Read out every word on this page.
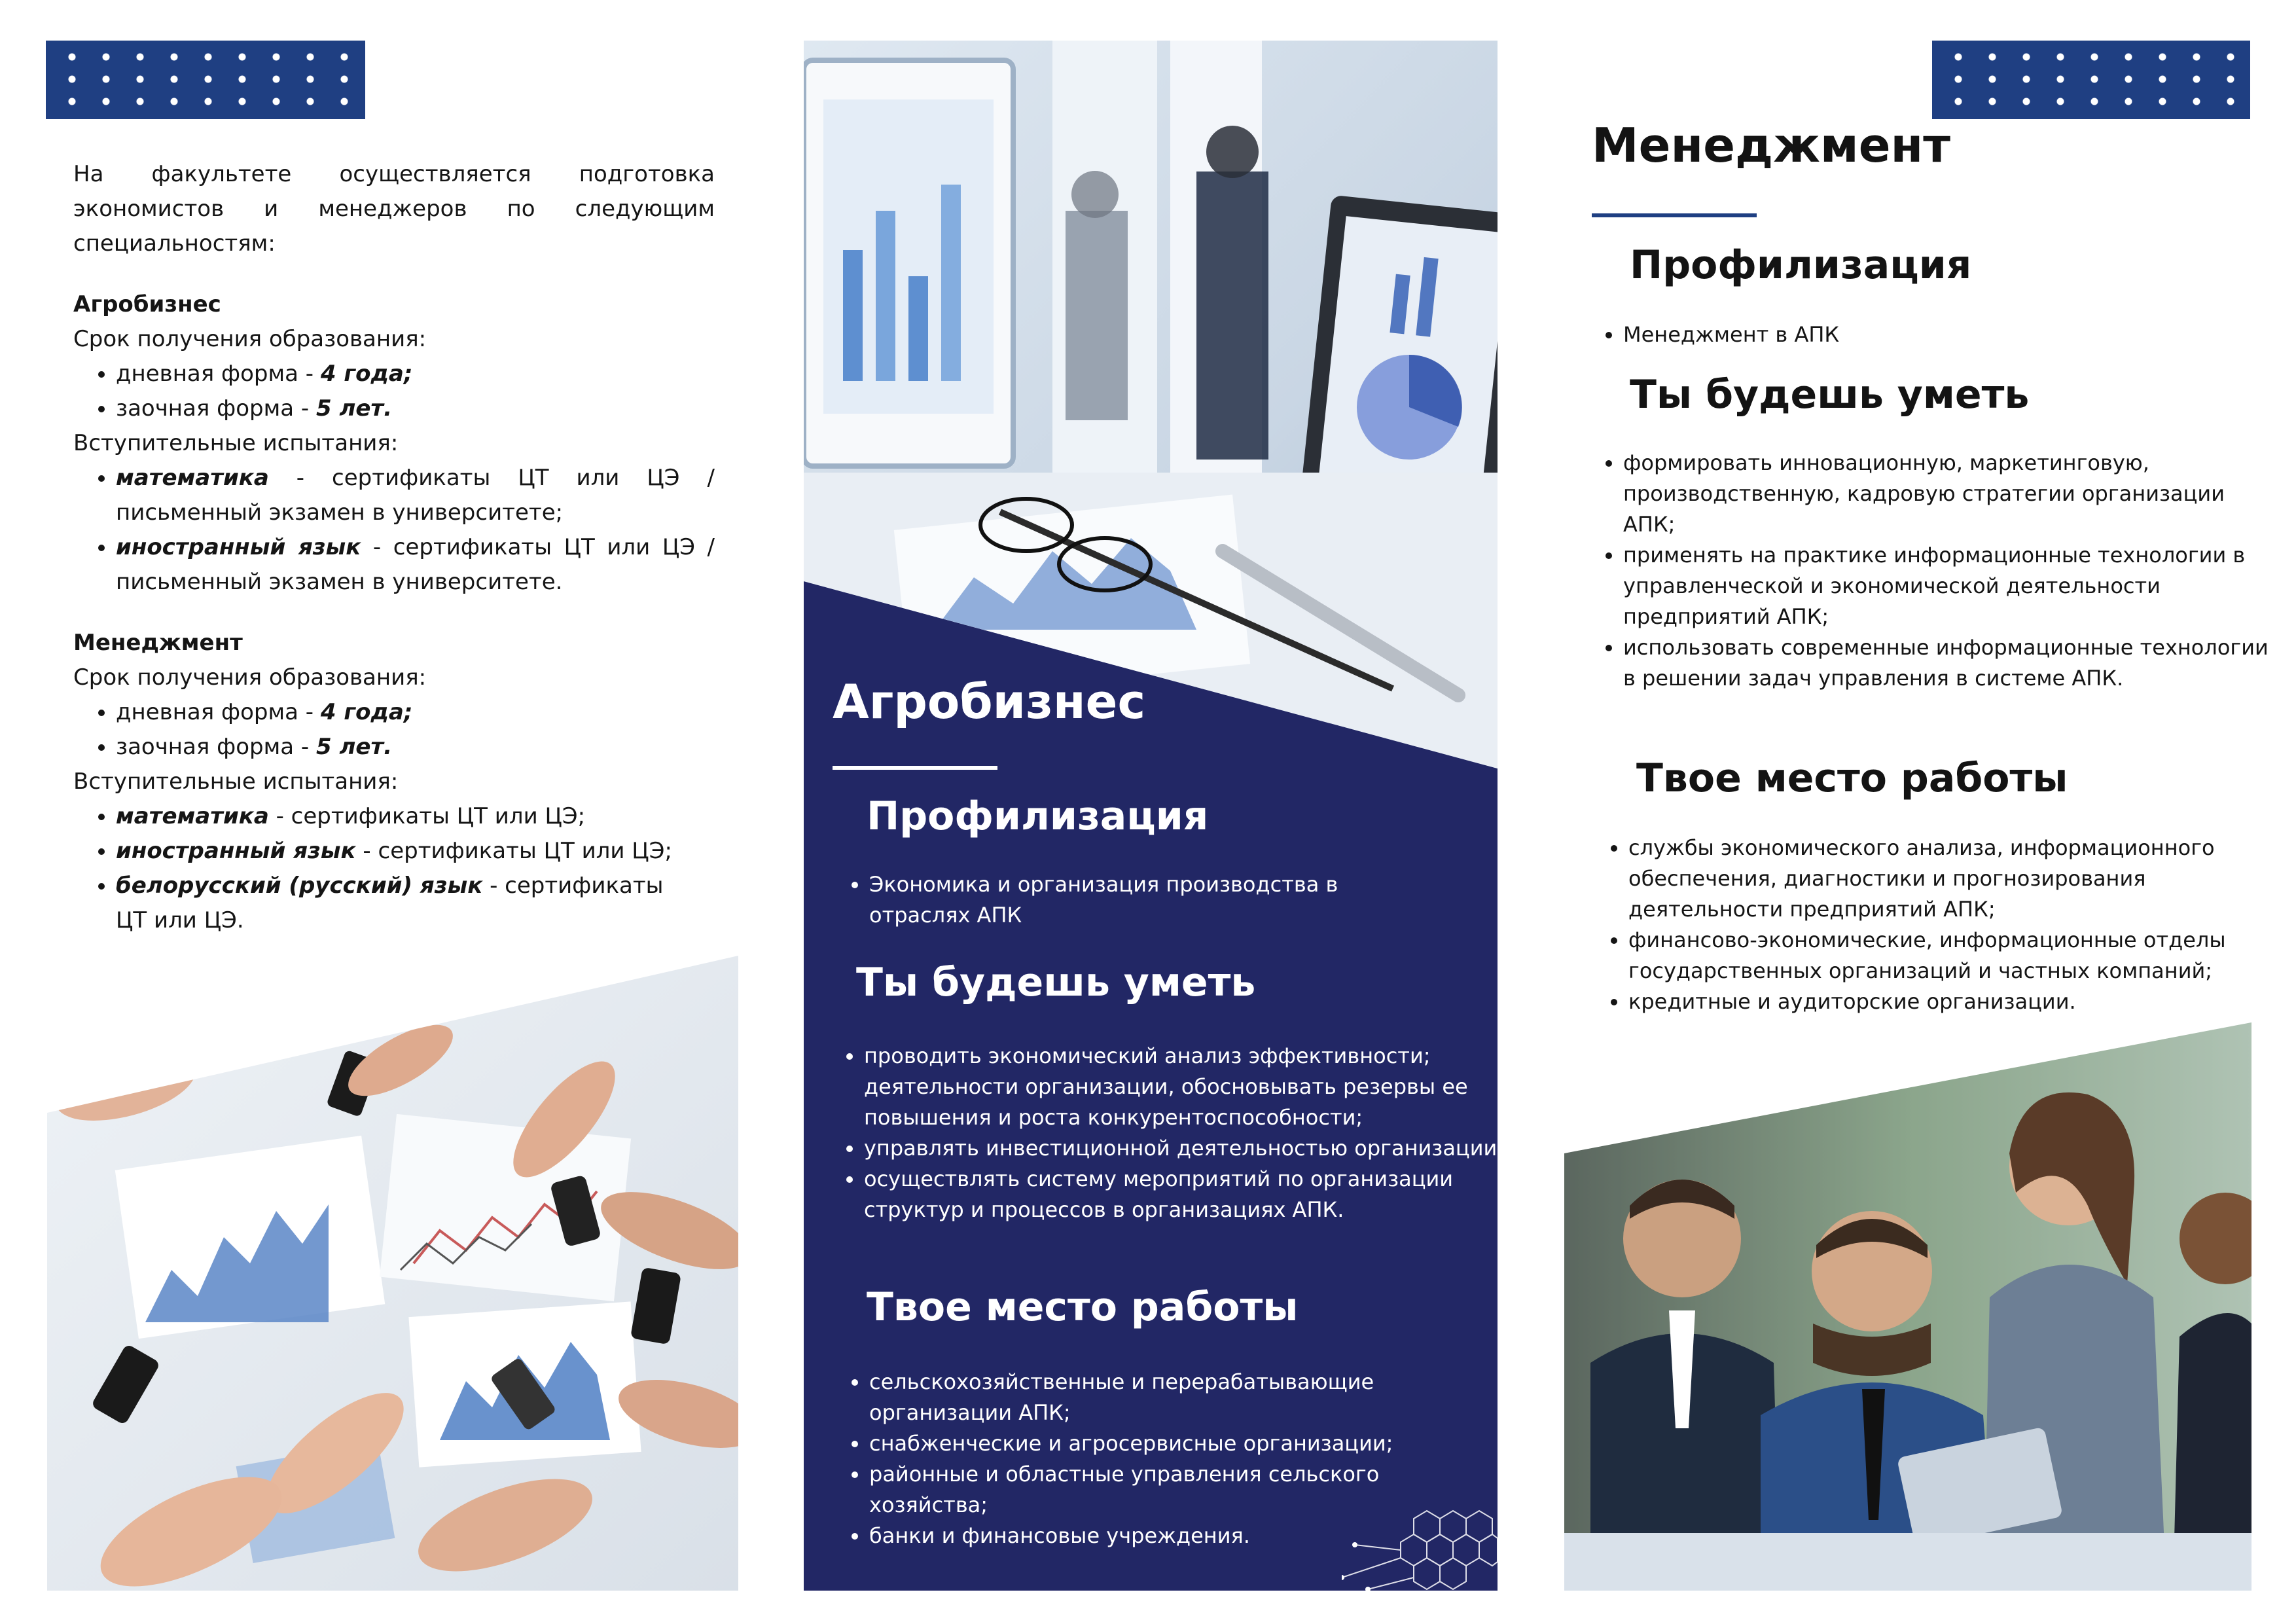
На факультете осуществляется подготовка

экономистов и менеджеров по следующим

специальностям:

Агробизнес

Срок получения образования:

• дневная форма - 4 года;
• заочная форма - 5 лет.

Вступительные испытания:

• математика - сертификаты ЦТ или ЦЭ / письменный экзамен в университете;
• иностранный язык - сертификаты ЦТ или ЦЭ / письменный экзамен в университете.

Менеджмент

Срок получения образования:

• дневная форма - 4 года;
• заочная форма - 5 лет.

Вступительные испытания:

• математика - сертификаты ЦТ или ЦЭ;
• иностранный язык - сертификаты ЦТ или ЦЭ;
• белорусский (русский) язык - сертификаты ЦТ или ЦЭ.
Агробизнес
Профилизация
• Экономика и организация производства в отраслях АПК
Ты будешь уметь
• проводить экономический анализ эффективности; деятельности организации, обосновывать резервы ее повышения и роста конкурентоспособности;
• управлять инвестиционной деятельностью организации;
• осуществлять систему мероприятий по организации структур и процессов в организациях АПК.
Твое место работы
• сельскохозяйственные и перерабатывающие организации АПК;
• снабженческие и агросервисные организации;
• районные и областные управления сельского хозяйства;
• банки и финансовые учреждения.
Менеджмент
Профилизация
• Менеджмент в АПК
Ты будешь уметь
• формировать инновационную, маркетинговую, производственную, кадровую стратегии организации АПК;
• применять на практике информационные технологии в управленческой и экономической деятельности предприятий АПК;
• использовать современные информационные технологии в решении задач управления в системе АПК.
Твое место работы
• службы экономического анализа, информационного обеспечения, диагностики и прогнозирования деятельности предприятий АПК;
• финансово-экономические, информационные отделы государственных организаций и частных компаний;
• кредитные и аудиторские организации.
